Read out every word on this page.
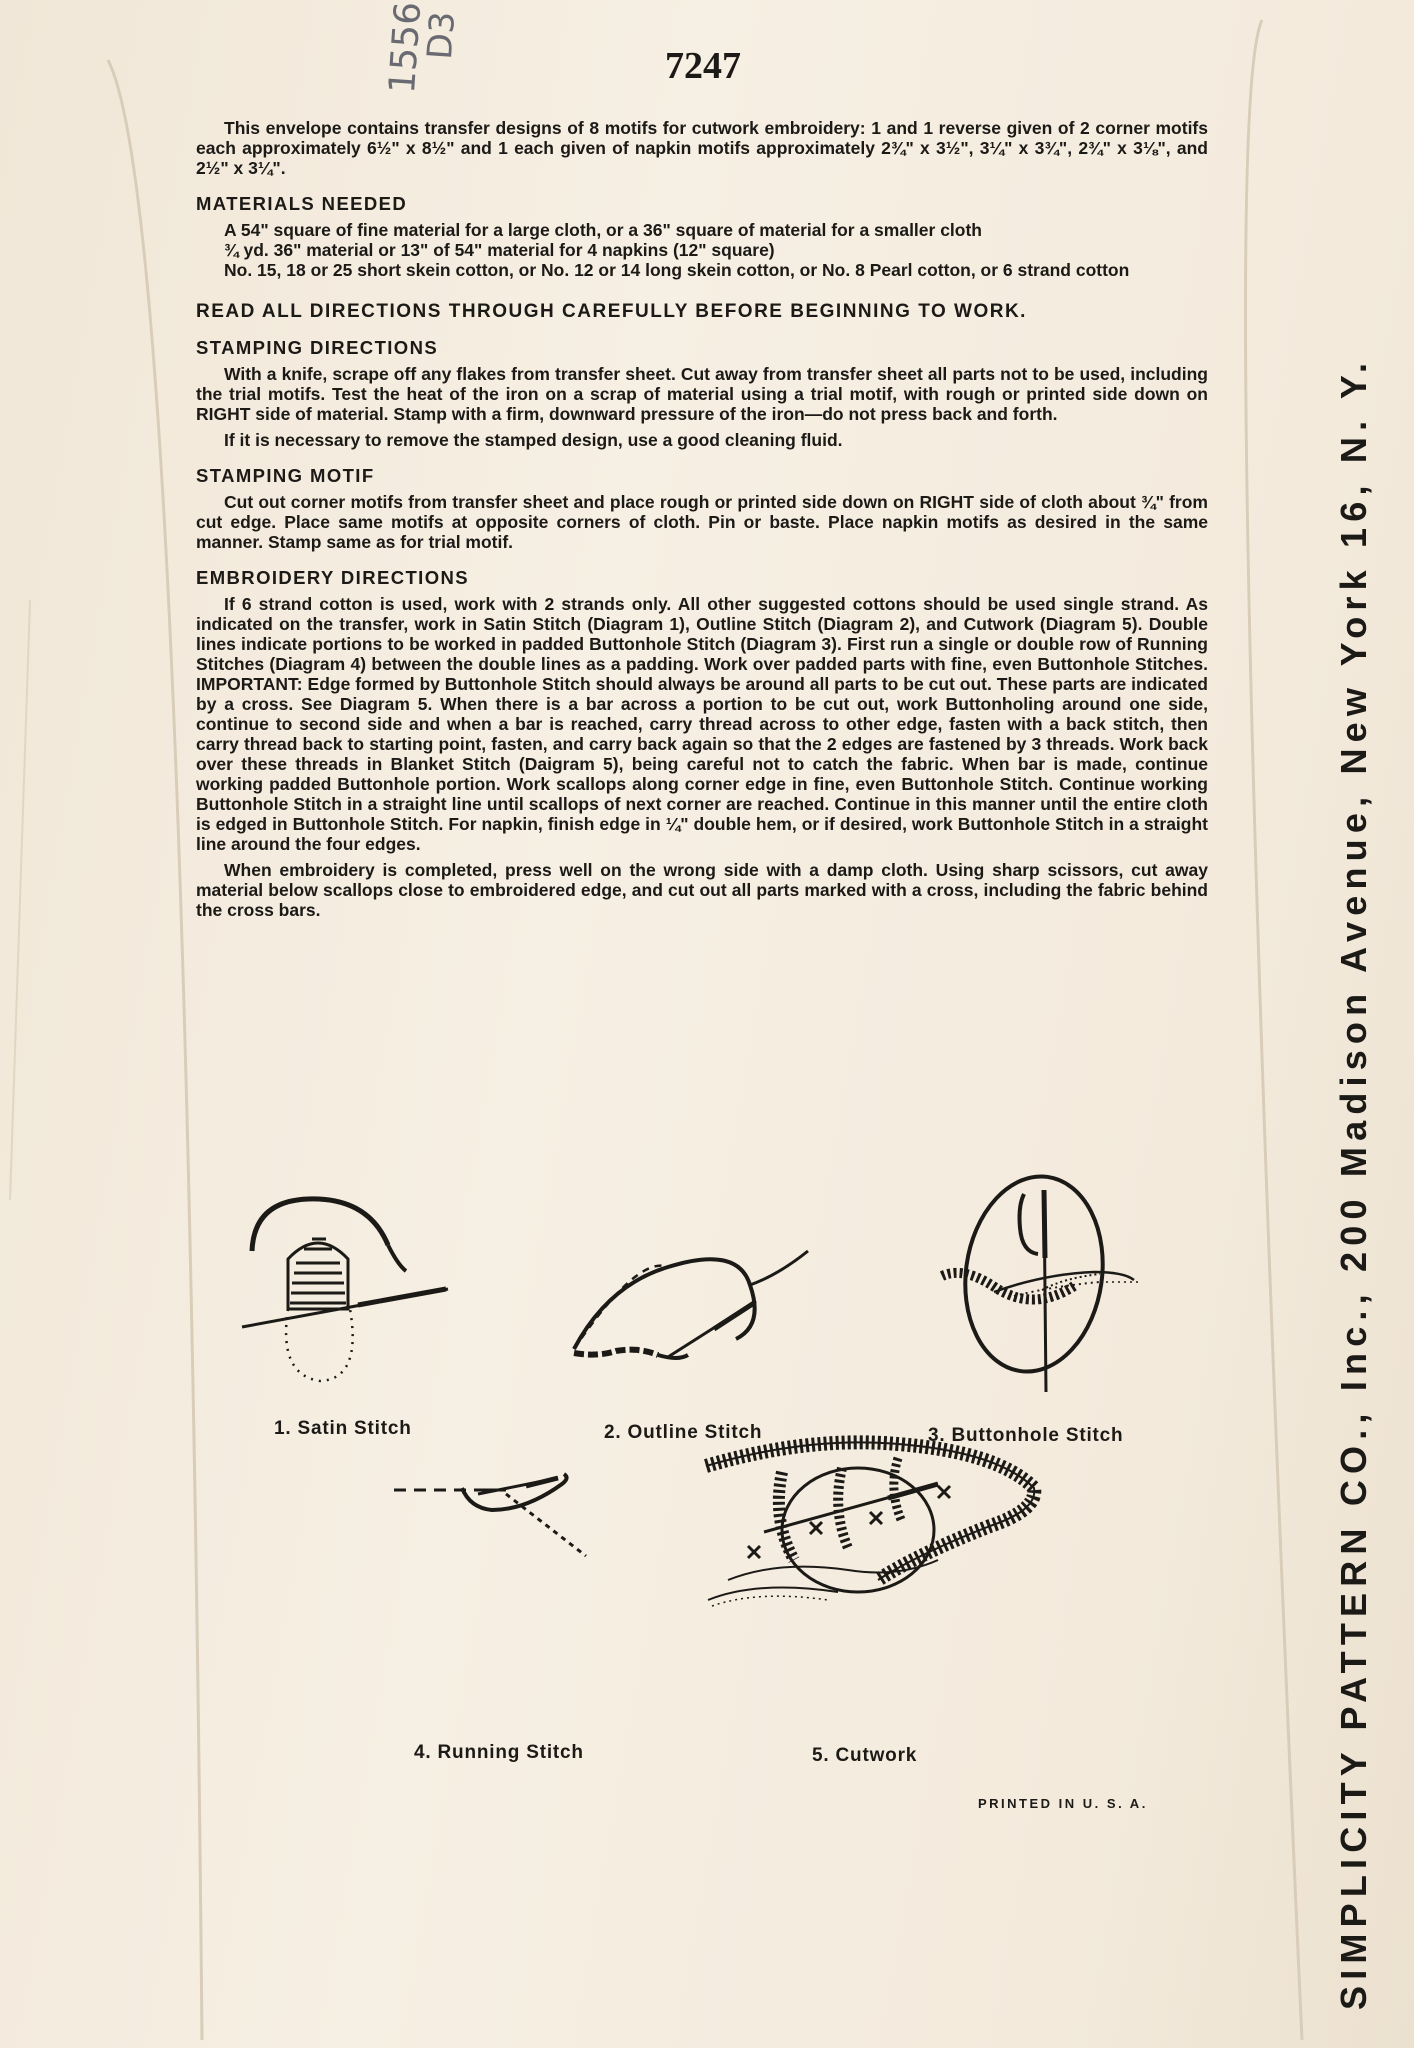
1556
D3
7247

This envelope contains transfer designs of 8 motifs for cutwork embroidery: 1 and 1 reverse given of 2 corner motifs each approximately 6½" x 8½" and 1 each given of napkin motifs approximately 2¾" x 3½", 3¼" x 3¾", 2¾" x 3⅛", and 2½" x 3¼".

MATERIALS NEEDED

A 54" square of fine material for a large cloth, or a 36" square of material for a smaller cloth

¾ yd. 36" material or 13" of 54" material for 4 napkins (12" square)

No. 15, 18 or 25 short skein cotton, or No. 12 or 14 long skein cotton, or No. 8 Pearl cotton, or 6 strand cotton

READ ALL DIRECTIONS THROUGH CAREFULLY BEFORE BEGINNING TO WORK.

STAMPING DIRECTIONS

With a knife, scrape off any flakes from transfer sheet. Cut away from transfer sheet all parts not to be used, including the trial motifs. Test the heat of the iron on a scrap of material using a trial motif, with rough or printed side down on RIGHT side of material. Stamp with a firm, downward pressure of the iron—do not press back and forth.

If it is necessary to remove the stamped design, use a good cleaning fluid.

STAMPING MOTIF

Cut out corner motifs from transfer sheet and place rough or printed side down on RIGHT side of cloth about ¾" from cut edge. Place same motifs at opposite corners of cloth. Pin or baste. Place napkin motifs as desired in the same manner. Stamp same as for trial motif.

EMBROIDERY DIRECTIONS

If 6 strand cotton is used, work with 2 strands only. All other suggested cottons should be used single strand. As indicated on the transfer, work in Satin Stitch (Diagram 1), Outline Stitch (Diagram 2), and Cutwork (Diagram 5). Double lines indicate portions to be worked in padded Buttonhole Stitch (Diagram 3). First run a single or double row of Running Stitches (Diagram 4) between the double lines as a padding. Work over padded parts with fine, even Buttonhole Stitches. IMPORTANT: Edge formed by Buttonhole Stitch should always be around all parts to be cut out. These parts are indicated by a cross. See Diagram 5. When there is a bar across a portion to be cut out, work Buttonholing around one side, continue to second side and when a bar is reached, carry thread across to other edge, fasten with a back stitch, then carry thread back to starting point, fasten, and carry back again so that the 2 edges are fastened by 3 threads. Work back over these threads in Blanket Stitch (Daigram 5), being careful not to catch the fabric. When bar is made, continue working padded Buttonhole portion. Work scallops along corner edge in fine, even Buttonhole Stitch. Continue working Buttonhole Stitch in a straight line until scallops of next corner are reached. Continue in this manner until the entire cloth is edged in Buttonhole Stitch. For napkin, finish edge in ¼" double hem, or if desired, work Buttonhole Stitch in a straight line around the four edges.

When embroidery is completed, press well on the wrong side with a damp cloth. Using sharp scissors, cut away material below scallops close to embroidered edge, and cut out all parts marked with a cross, including the fabric behind the cross bars.

1. Satin Stitch	2. Outline Stitch	3. Buttonhole Stitch
4. Running Stitch	5. Cutwork
PRINTED IN U. S. A.	SIMPLICITY PATTERN CO., Inc., 200 Madison Avenue, New York 16, N. Y.
